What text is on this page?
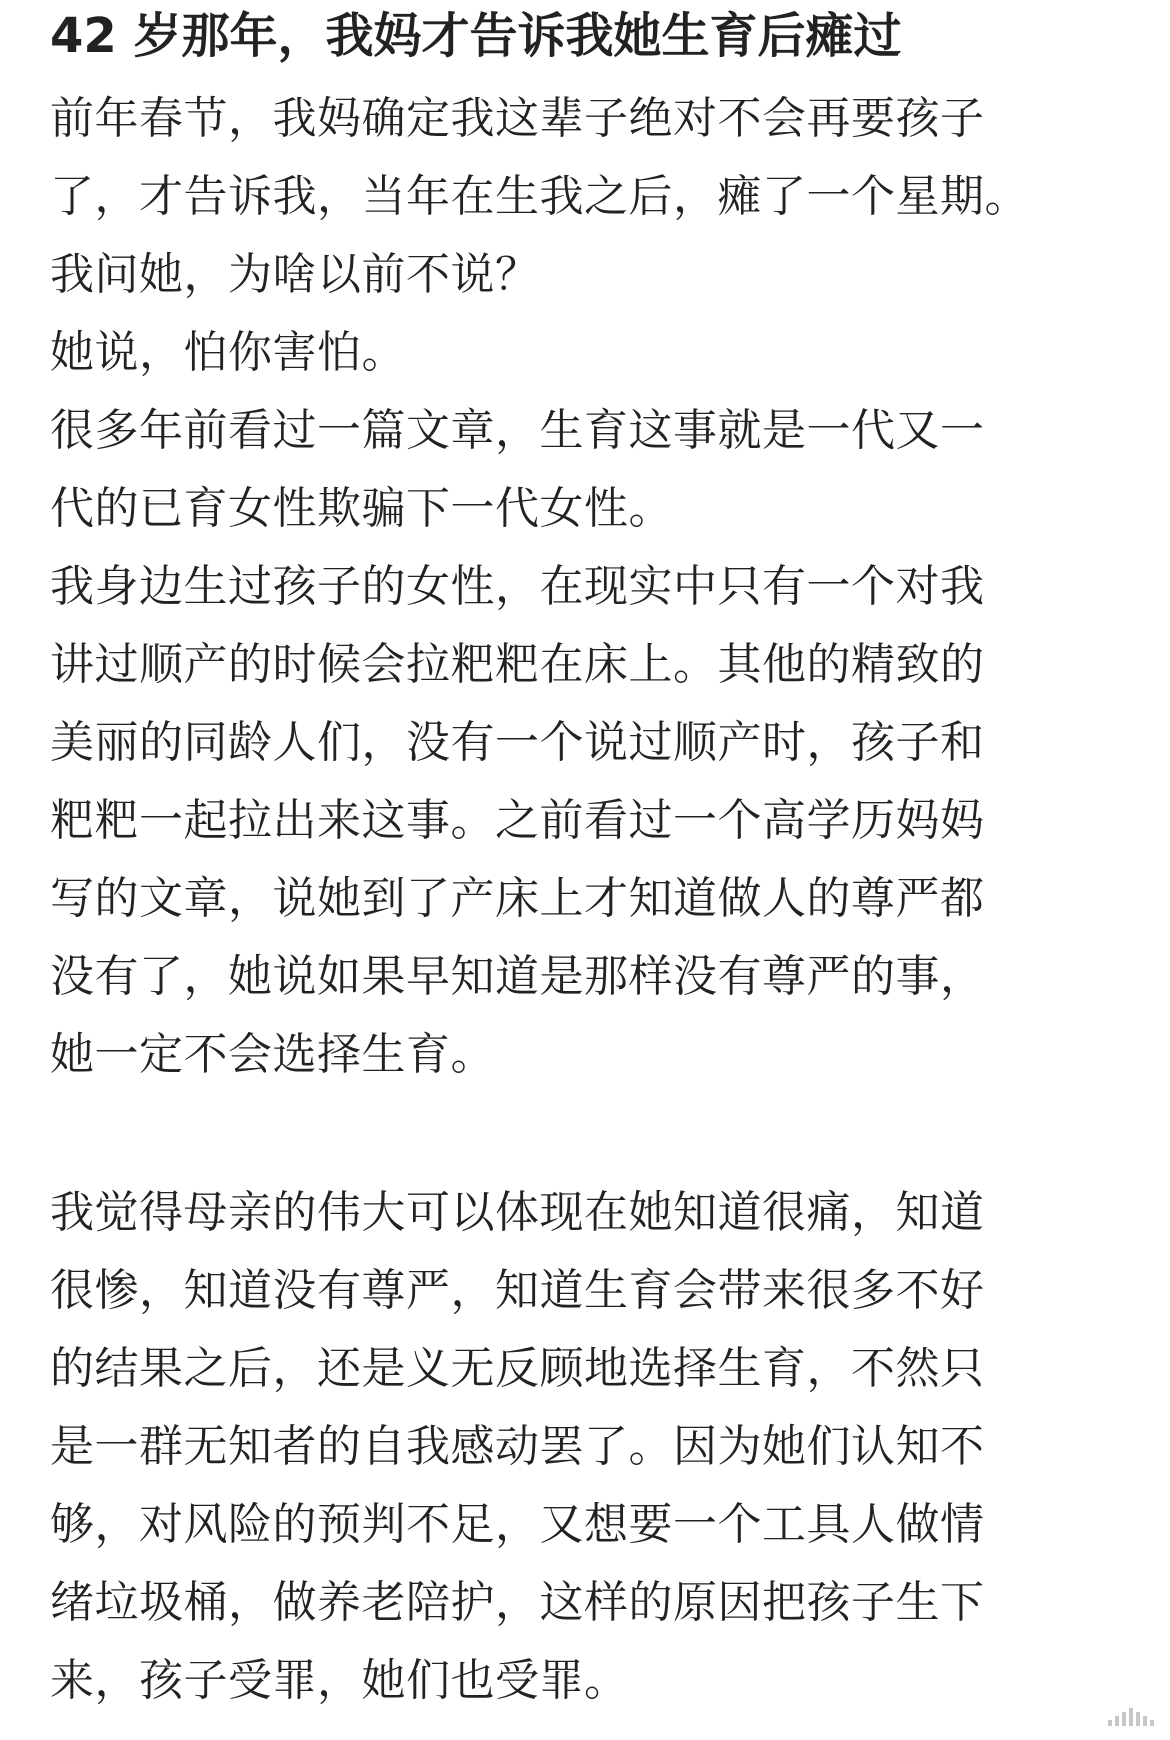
42 岁那年，我妈才告诉我她生育后瘫过
前年春节，我妈确定我这辈子绝对不会再要孩子
了，才告诉我，当年在生我之后，瘫了一个星期。
我问她，为啥以前不说？
她说，怕你害怕。
很多年前看过一篇文章，生育这事就是一代又一
代的已育女性欺骗下一代女性。
我身边生过孩子的女性，在现实中只有一个对我
讲过顺产的时候会拉粑粑在床上。其他的精致的
美丽的同龄人们，没有一个说过顺产时，孩子和
粑粑一起拉出来这事。之前看过一个高学历妈妈
写的文章，说她到了产床上才知道做人的尊严都
没有了，她说如果早知道是那样没有尊严的事，
她一定不会选择生育。
我觉得母亲的伟大可以体现在她知道很痛，知道
很惨，知道没有尊严，知道生育会带来很多不好
的结果之后，还是义无反顾地选择生育，不然只
是一群无知者的自我感动罢了。因为她们认知不
够，对风险的预判不足，又想要一个工具人做情
绪垃圾桶，做养老陪护，这样的原因把孩子生下
来，孩子受罪，她们也受罪。
